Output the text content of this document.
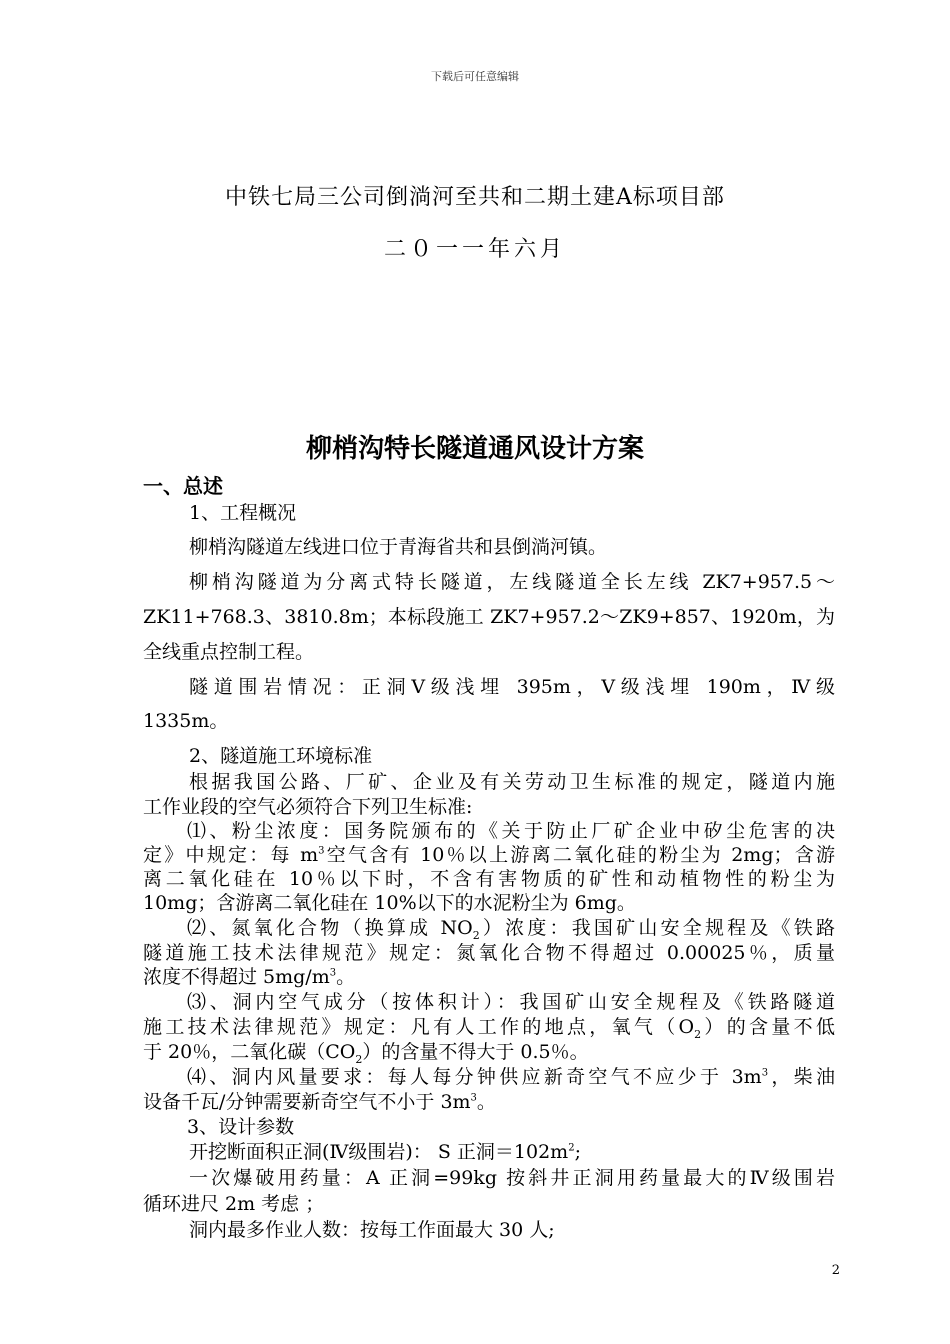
下载后可任意编辑
中铁七局三公司倒淌河至共和二期土建A标项目部
二０一一年六月
柳梢沟特长隧道通风设计方案
一、总述
1、工程概况
柳梢沟隧道左线进口位于青海省共和县倒淌河镇。
柳梢沟隧道为分离式特长隧道，左线隧道全长左线 ZK7+957.5～
ZK11+768.3、3810.8m；本标段施工 ZK7+957.2～ZK9+857、1920m，为
全线重点控制工程。
隧道围岩情况：正洞Ⅴ级浅埋 395m，Ⅴ级浅埋 190m，Ⅳ级
1335m。
2、隧道施工环境标准
根据我国公路、厂矿、企业及有关劳动卫生标准的规定，隧道内施
工作业段的空气必须符合下列卫生标准:
⑴、粉尘浓度：国务院颁布的《关于防止厂矿企业中矽尘危害的决
定》中规定：每 $m^3$空气含有 10％以上游离二氧化硅的粉尘为 2mg；含游
离二氧化硅在 10％以下时，不含有害物质的矿性和动植物性的粉尘为
10mg；含游离二氧化硅在 10%以下的水泥粉尘为 6mg。
⑵、氮氧化合物（换算成 $NO_2$）浓度：我国矿山安全规程及《铁路
隧道施工技术法律规范》规定：氮氧化合物不得超过 0.00025％，质量
浓度不得超过 $5mg/m^3$。
⑶、洞内空气成分（按体积计）：我国矿山安全规程及《铁路隧道
施工技术法律规范》规定：凡有人工作的地点，氧气$(O_2)$的含量不低
于 20％，二氧化碳$(CO_2)$的含量不得大于 0.5％。
⑷、洞内风量要求：每人每分钟供应新奇空气不应少于 $3m^3$，柴油
设备千瓦/分钟需要新奇空气不小于 $3m^3$。
3、设计参数
开挖断面积正洞(Ⅳ级围岩)： S 正洞$=102m^2$;
一次爆破用药量：A 正洞=99kg 按斜井正洞用药量最大的Ⅳ级围岩
循环进尺 2m 考虑 ；
洞内最多作业人数：按每工作面最大 30 人;
2
